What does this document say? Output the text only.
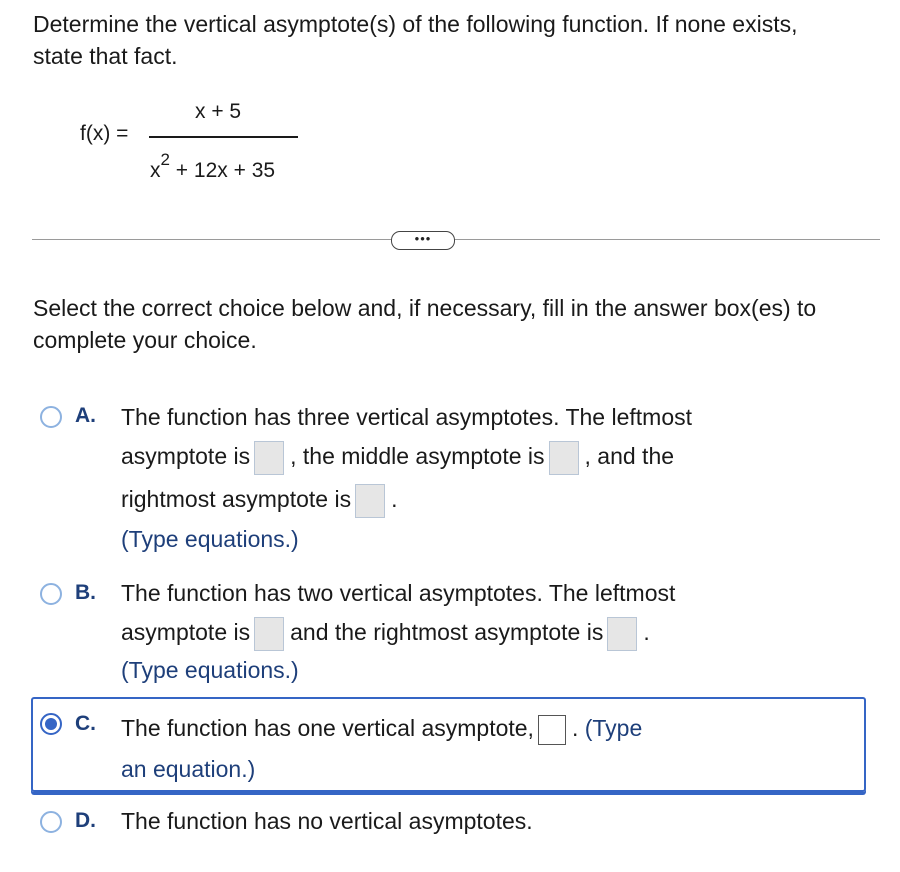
Determine the vertical asymptote(s) of the following function. If none exists, state that fact.
f(x) =
x + 5
$x^2 + 12x + 35$
•••
Select the correct choice below and, if necessary, fill in the answer box(es) to complete your choice.
A. The function has three vertical asymptotes. The leftmost
asymptote is , the middle asymptote is , and the
rightmost asymptote is .
(Type equations.)
B. The function has two vertical asymptotes. The leftmost
asymptote is and the rightmost asymptote is .
(Type equations.)
C. The function has one vertical asymptote, . (Type
an equation.)
D. The function has no vertical asymptotes.
